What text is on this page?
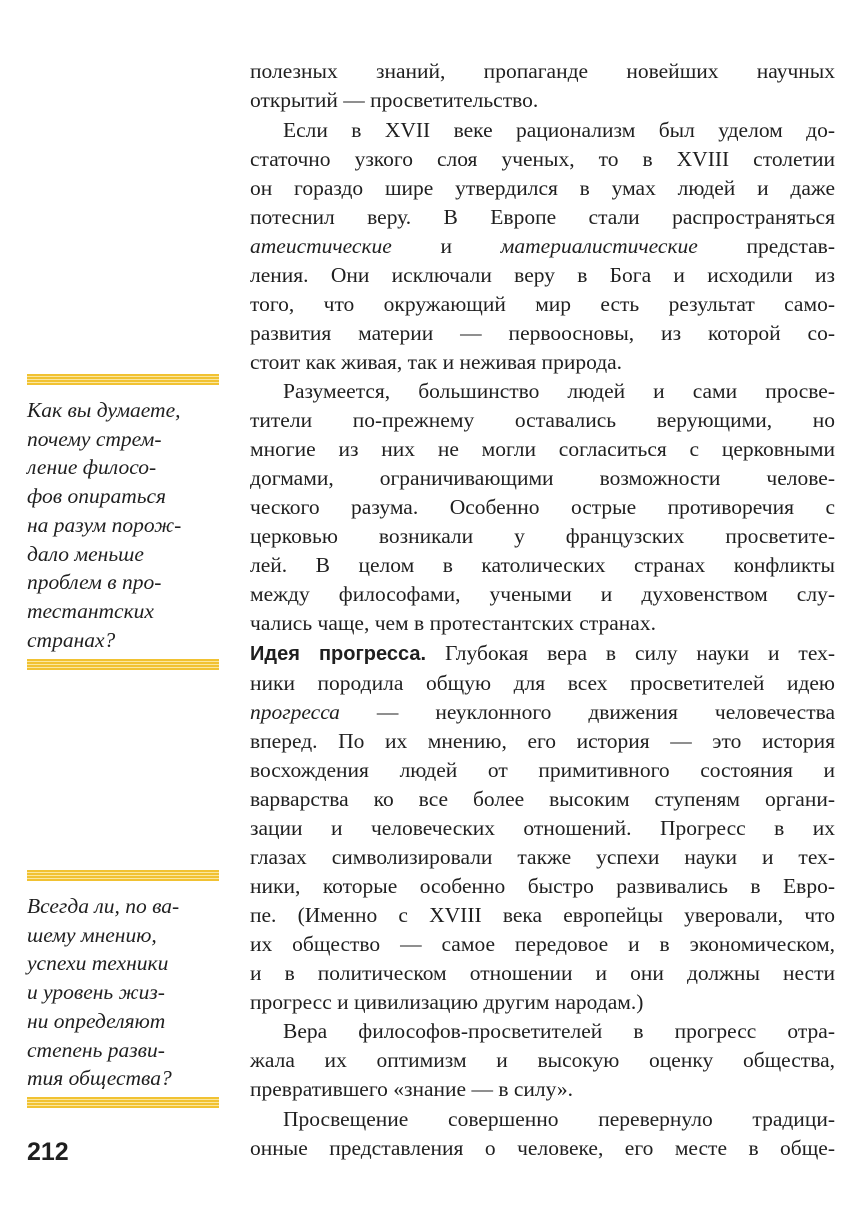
Как вы думаете,
почему стрем-
ление филосо-
фов опираться
на разум порож-
дало меньше
проблем в про-
тестантских
странах?
Всегда ли, по ва-
шему мнению,
успехи техники
и уровень жиз-
ни определяют
степень разви-
тия общества?
полезных знаний, пропаганде новейших научных
открытий — просветительство.
Если в XVII веке рационализм был уделом до-
статочно узкого слоя ученых, то в XVIII столетии
он гораздо шире утвердился в умах людей и даже
потеснил веру. В Европе стали распространяться
атеистические и материалистические представ-
ления. Они исключали веру в Бога и исходили из
того, что окружающий мир есть результат само-
развития материи — первоосновы, из которой со-
стоит как живая, так и неживая природа.
Разумеется, большинство людей и сами просве-
тители по-прежнему оставались верующими, но
многие из них не могли согласиться с церковными
догмами, ограничивающими возможности челове-
ческого разума. Особенно острые противоречия с
церковью возникали у французских просветите-
лей. В целом в католических странах конфликты
между философами, учеными и духовенством слу-
чались чаще, чем в протестантских странах.
Идея прогресса. Глубокая вера в силу науки и тех-
ники породила общую для всех просветителей идею
прогресса — неуклонного движения человечества
вперед. По их мнению, его история — это история
восхождения людей от примитивного состояния и
варварства ко все более высоким ступеням органи-
зации и человеческих отношений. Прогресс в их
глазах символизировали также успехи науки и тех-
ники, которые особенно быстро развивались в Евро-
пе. (Именно с XVIII века европейцы уверовали, что
их общество — самое передовое и в экономическом,
и в политическом отношении и они должны нести
прогресс и цивилизацию другим народам.)
Вера философов-просветителей в прогресс отра-
жала их оптимизм и высокую оценку общества,
превратившего «знание — в силу».
Просвещение совершенно перевернуло традици-
онные представления о человеке, его месте в обще-
212
